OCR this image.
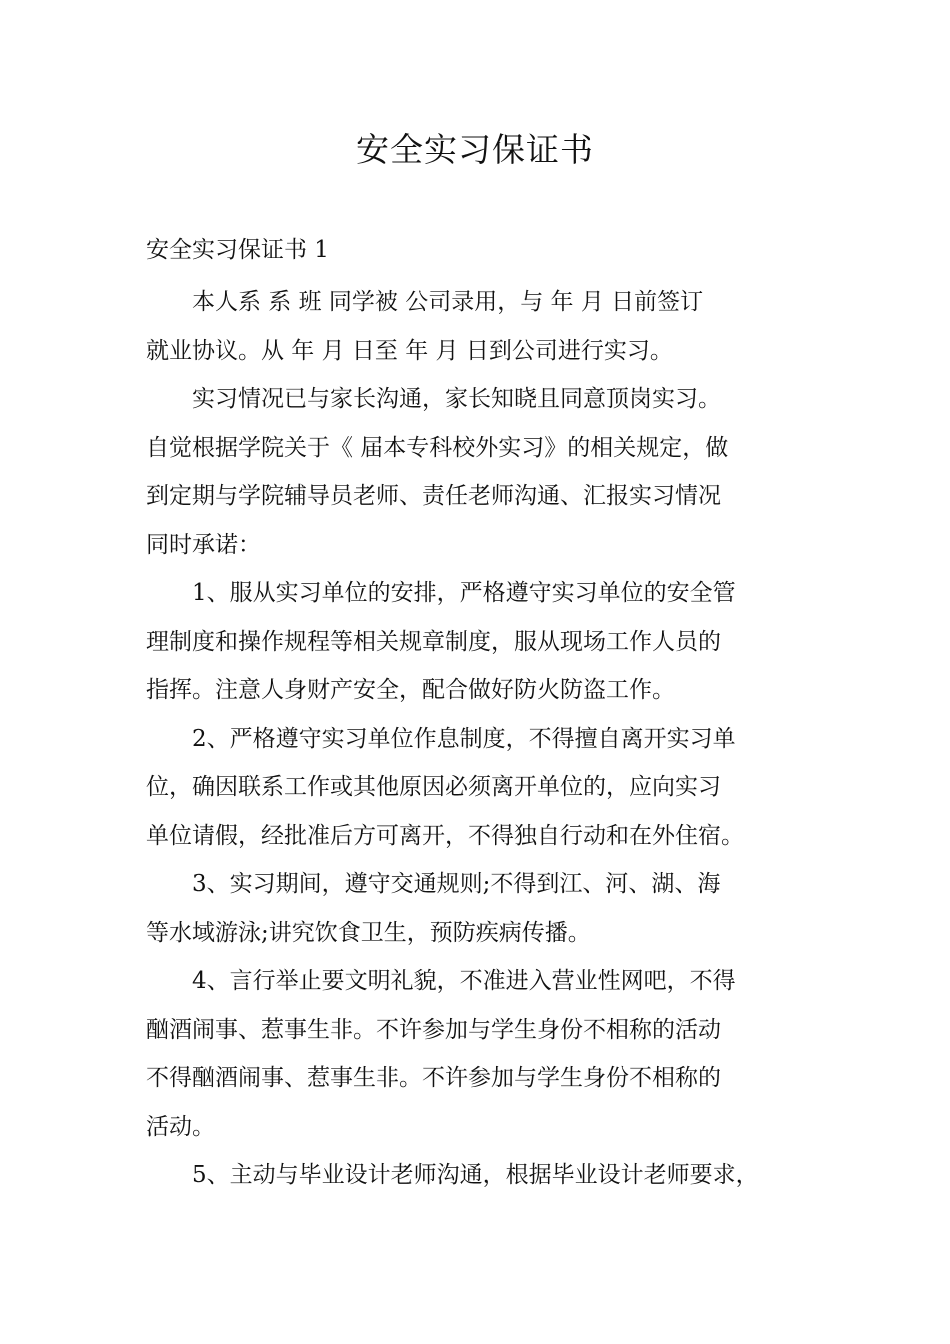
安全实习保证书
安全实习保证书 1

本人系 系 班 同学被 公司录用，与 年 月 日前签订
就业协议。从 年 月 日至 年 月 日到公司进行实习。

实习情况已与家长沟通，家长知晓且同意顶岗实习。
自觉根据学院关于《 届本专科校外实习》的相关规定，做
到定期与学院辅导员老师、责任老师沟通、汇报实习情况
同时承诺：

1、服从实习单位的安排，严格遵守实习单位的安全管
理制度和操作规程等相关规章制度，服从现场工作人员的
指挥。注意人身财产安全，配合做好防火防盗工作。

2、严格遵守实习单位作息制度，不得擅自离开实习单
位，确因联系工作或其他原因必须离开单位的，应向实习
单位请假，经批准后方可离开，不得独自行动和在外住宿。

3、实习期间，遵守交通规则;不得到江、河、湖、海
等水域游泳;讲究饮食卫生，预防疾病传播。

4、言行举止要文明礼貌，不准进入营业性网吧，不得
酗酒闹事、惹事生非。不许参加与学生身份不相称的活动
不得酗酒闹事、惹事生非。不许参加与学生身份不相称的
活动。

5、主动与毕业设计老师沟通，根据毕业设计老师要求，
